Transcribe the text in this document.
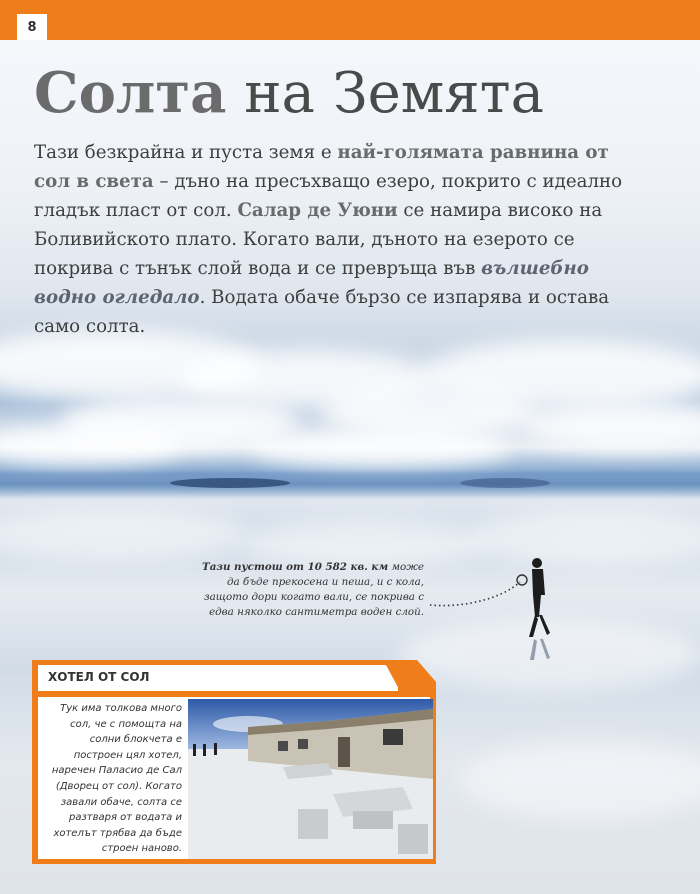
8
Солта на Земята

Тази безкрайна и пуста земя е най-голямата равнина от сол в света – дъно на пресъхващо езеро, покрито с идеално гладък пласт от сол. Салар де Уюни се намира високо на Боливийското плато. Когато вали, дъното на езерото се покрива с тънък слой вода и се превръща във вълшебно водно огледало. Водата обаче бързо се изпарява и остава само солта.

Тази пустош от 10 582 кв. км може да бъде прекосена и пеша, и с кола, защото дори когато вали, се покрива с едва няколко сантиметра воден слой.

ХОТЕЛ ОТ СОЛ

Тук има толкова много сол, че с помощта на солни блокчета е построен цял хотел, наречен Паласио де Сал (Дворец от сол). Когато завали обаче, солта се разтваря от водата и хотелът трябва да бъде строен наново.
